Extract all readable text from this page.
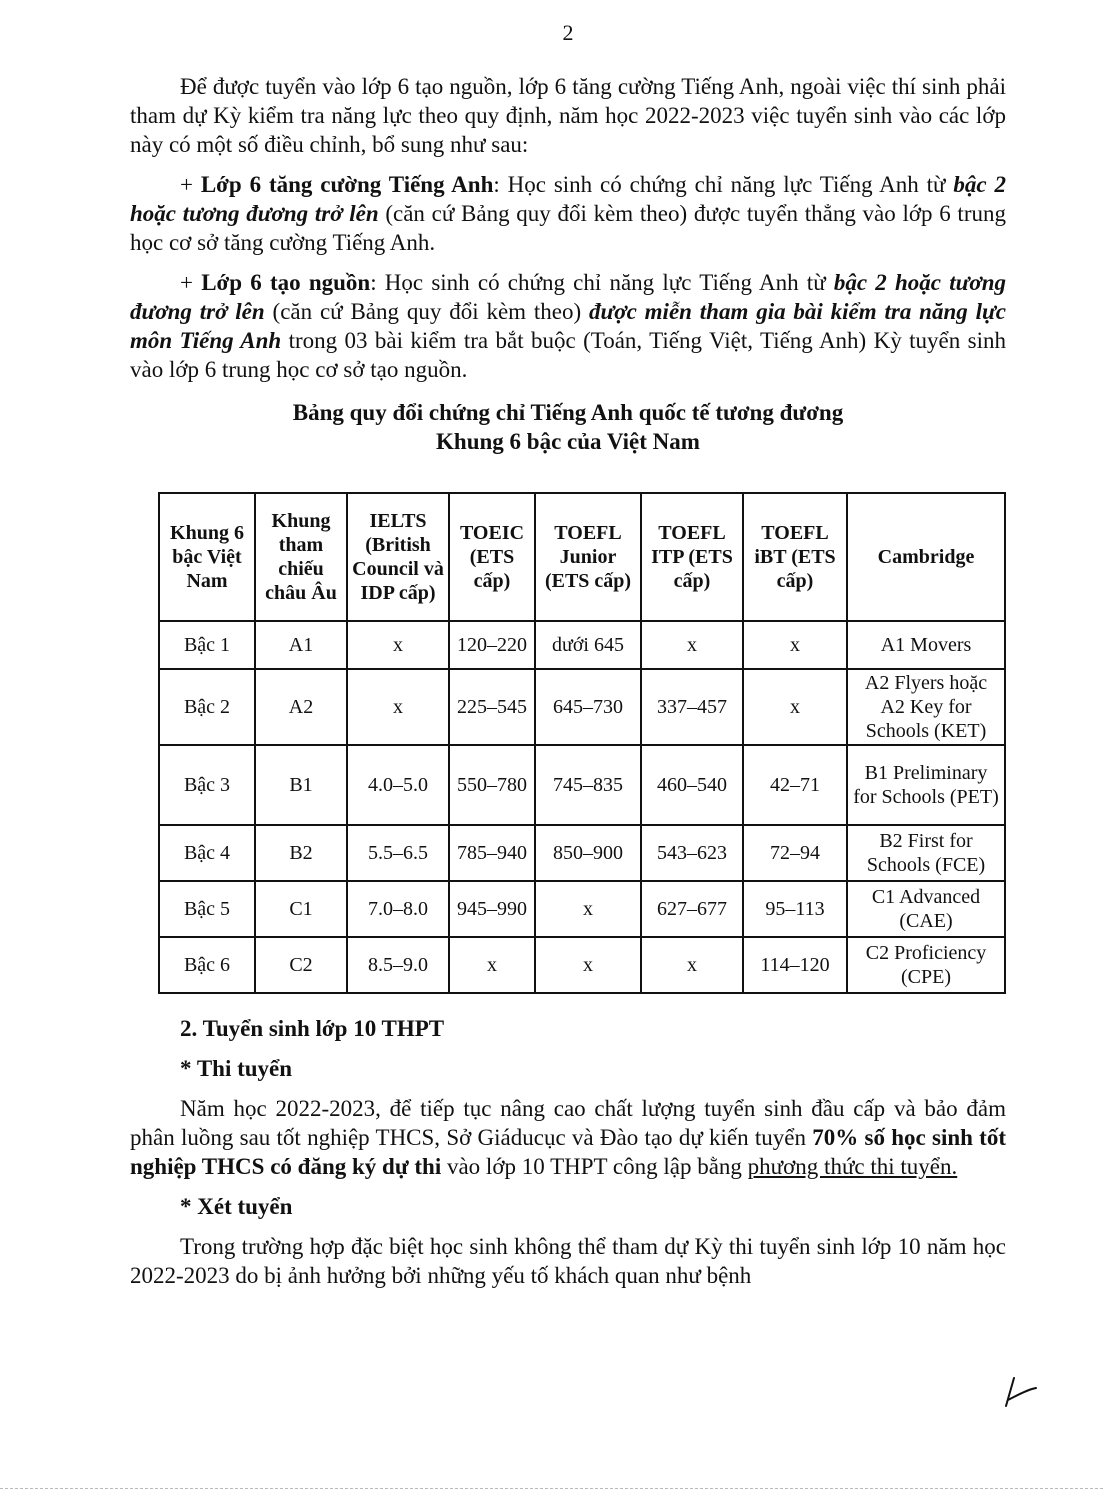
2

Để được tuyển vào lớp 6 tạo nguồn, lớp 6 tăng cường Tiếng Anh, ngoài việc thí sinh phải tham dự Kỳ kiểm tra năng lực theo quy định, năm học 2022-2023 việc tuyển sinh vào các lớp này có một số điều chỉnh, bổ sung như sau:

+ Lớp 6 tăng cường Tiếng Anh: Học sinh có chứng chỉ năng lực Tiếng Anh từ bậc 2 hoặc tương đương trở lên (căn cứ Bảng quy đổi kèm theo) được tuyển thẳng vào lớp 6 trung học cơ sở tăng cường Tiếng Anh.

+ Lớp 6 tạo nguồn: Học sinh có chứng chỉ năng lực Tiếng Anh từ bậc 2 hoặc tương đương trở lên (căn cứ Bảng quy đổi kèm theo) được miễn tham gia bài kiểm tra năng lực môn Tiếng Anh trong 03 bài kiểm tra bắt buộc (Toán, Tiếng Việt, Tiếng Anh) Kỳ tuyển sinh vào lớp 6 trung học cơ sở tạo nguồn.

Bảng quy đổi chứng chỉ Tiếng Anh quốc tế tương đương
Khung 6 bậc của Việt Nam
Khung 6 bậc Việt Nam	Khung tham chiếu châu Âu	IELTS (British Council và IDP cấp)	TOEIC (ETS cấp)	TOEFL Junior (ETS cấp)	TOEFL ITP (ETS cấp)	TOEFL iBT (ETS cấp)	Cambridge
Bậc 1	A1	x	120–220	dưới 645	x	x	A1 Movers
Bậc 2	A2	x	225–545	645–730	337–457	x	A2 Flyers hoặc A2 Key for Schools (KET)
Bậc 3	B1	4.0–5.0	550–780	745–835	460–540	42–71	B1 Preliminary for Schools (PET)
Bậc 4	B2	5.5–6.5	785–940	850–900	543–623	72–94	B2 First for Schools (FCE)
Bậc 5	C1	7.0–8.0	945–990	x	627–677	95–113	C1 Advanced (CAE)
Bậc 6	C2	8.5–9.0	x	x	x	114–120	C2 Proficiency (CPE)
2. Tuyển sinh lớp 10 THPT
* Thi tuyển

Năm học 2022-2023, để tiếp tục nâng cao chất lượng tuyển sinh đầu cấp và bảo đảm phân luồng sau tốt nghiệp THCS, Sở Giáducục và Đào tạo dự kiến tuyển 70% số học sinh tốt nghiệp THCS có đăng ký dự thi vào lớp 10 THPT công lập bằng phương thức thi tuyển.

* Xét tuyển

Trong trường hợp đặc biệt học sinh không thể tham dự Kỳ thi tuyển sinh lớp 10 năm học 2022-2023 do bị ảnh hưởng bởi những yếu tố khách quan như bệnh
